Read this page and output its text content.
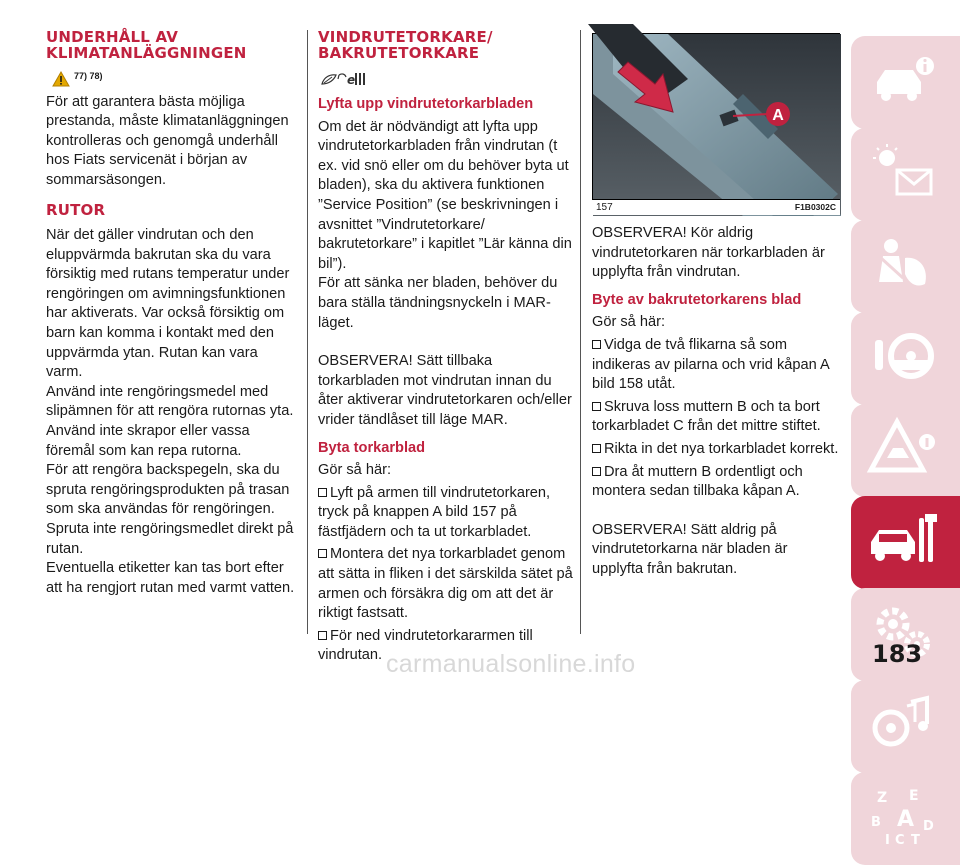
UNDERHÅLL AV KLIMATANLÄGGNINGEN
77) 78)

För att garantera bästa möjliga prestanda, måste klimatanläggningen kontrolleras och genomgå underhåll hos Fiats servicenät i början av sommarsäsongen.

RUTOR

När det gäller vindrutan och den eluppvärmda bakrutan ska du vara försiktig med rutans temperatur under rengöringen om avimningsfunktionen har aktiverats. Var också försiktig om barn kan komma i kontakt med den uppvärmda ytan. Rutan kan vara varm.

Använd inte rengöringsmedel med slipämnen för att rengöra rutornas yta.

Använd inte skrapor eller vassa föremål som kan repa rutorna.

För att rengöra backspegeln, ska du spruta rengöringsprodukten på trasan som ska användas för rengöringen.

Spruta inte rengöringsmedlet direkt på rutan.

Eventuella etiketter kan tas bort efter att ha rengjort rutan med varmt vatten.

VINDRUTETORKARE/ BAKRUTETORKARE
e
Lyfta upp vindrutetorkarbladen

Om det är nödvändigt att lyfta upp vindrutetorkarbladen från vindrutan (t ex. vid snö eller om du behöver byta ut bladen), ska du aktivera funktionen ”Service Position” (se beskrivningen i avsnittet ”Vindrutetorkare/ bakrutetorkare” i kapitlet ”Lär känna din bil”).

För att sänka ner bladen, behöver du bara ställa tändningsnyckeln i MAR-läget.

OBSERVERA! Sätt tillbaka torkarbladen mot vindrutan innan du åter aktiverar vindrutetorkaren och/eller vrider tändlåset till läge MAR.

Byta torkarblad

Gör så här:

Lyft på armen till vindrutetorkaren, tryck på knappen A bild 157 på fästfjädern och ta ut torkarbladet.

Montera det nya torkarbladet genom att sätta in fliken i det särskilda sätet på armen och försäkra dig om att det är riktigt fastsatt.

För ned vindrutetorkararmen till vindrutan.

A
157	F1B0302C

OBSERVERA! Kör aldrig vindrutetorkaren när torkarbladen är upplyfta från vindrutan.

Byte av bakrutetorkarens blad

Gör så här:

Vidga de två flikarna så som indikeras av pilarna och vrid kåpan A bild 158 utåt.

Skruva loss muttern B och ta bort torkarbladet C från det mittre stiftet.

Rikta in det nya torkarbladet korrekt.

Dra åt muttern B ordentligt och montera sedan tillbaka kåpan A.

OBSERVERA! Sätt aldrig på vindrutetorkarna när bladen är upplyfta från bakrutan.

Z E
B A D
I C T
183
carmanualsonline.info
